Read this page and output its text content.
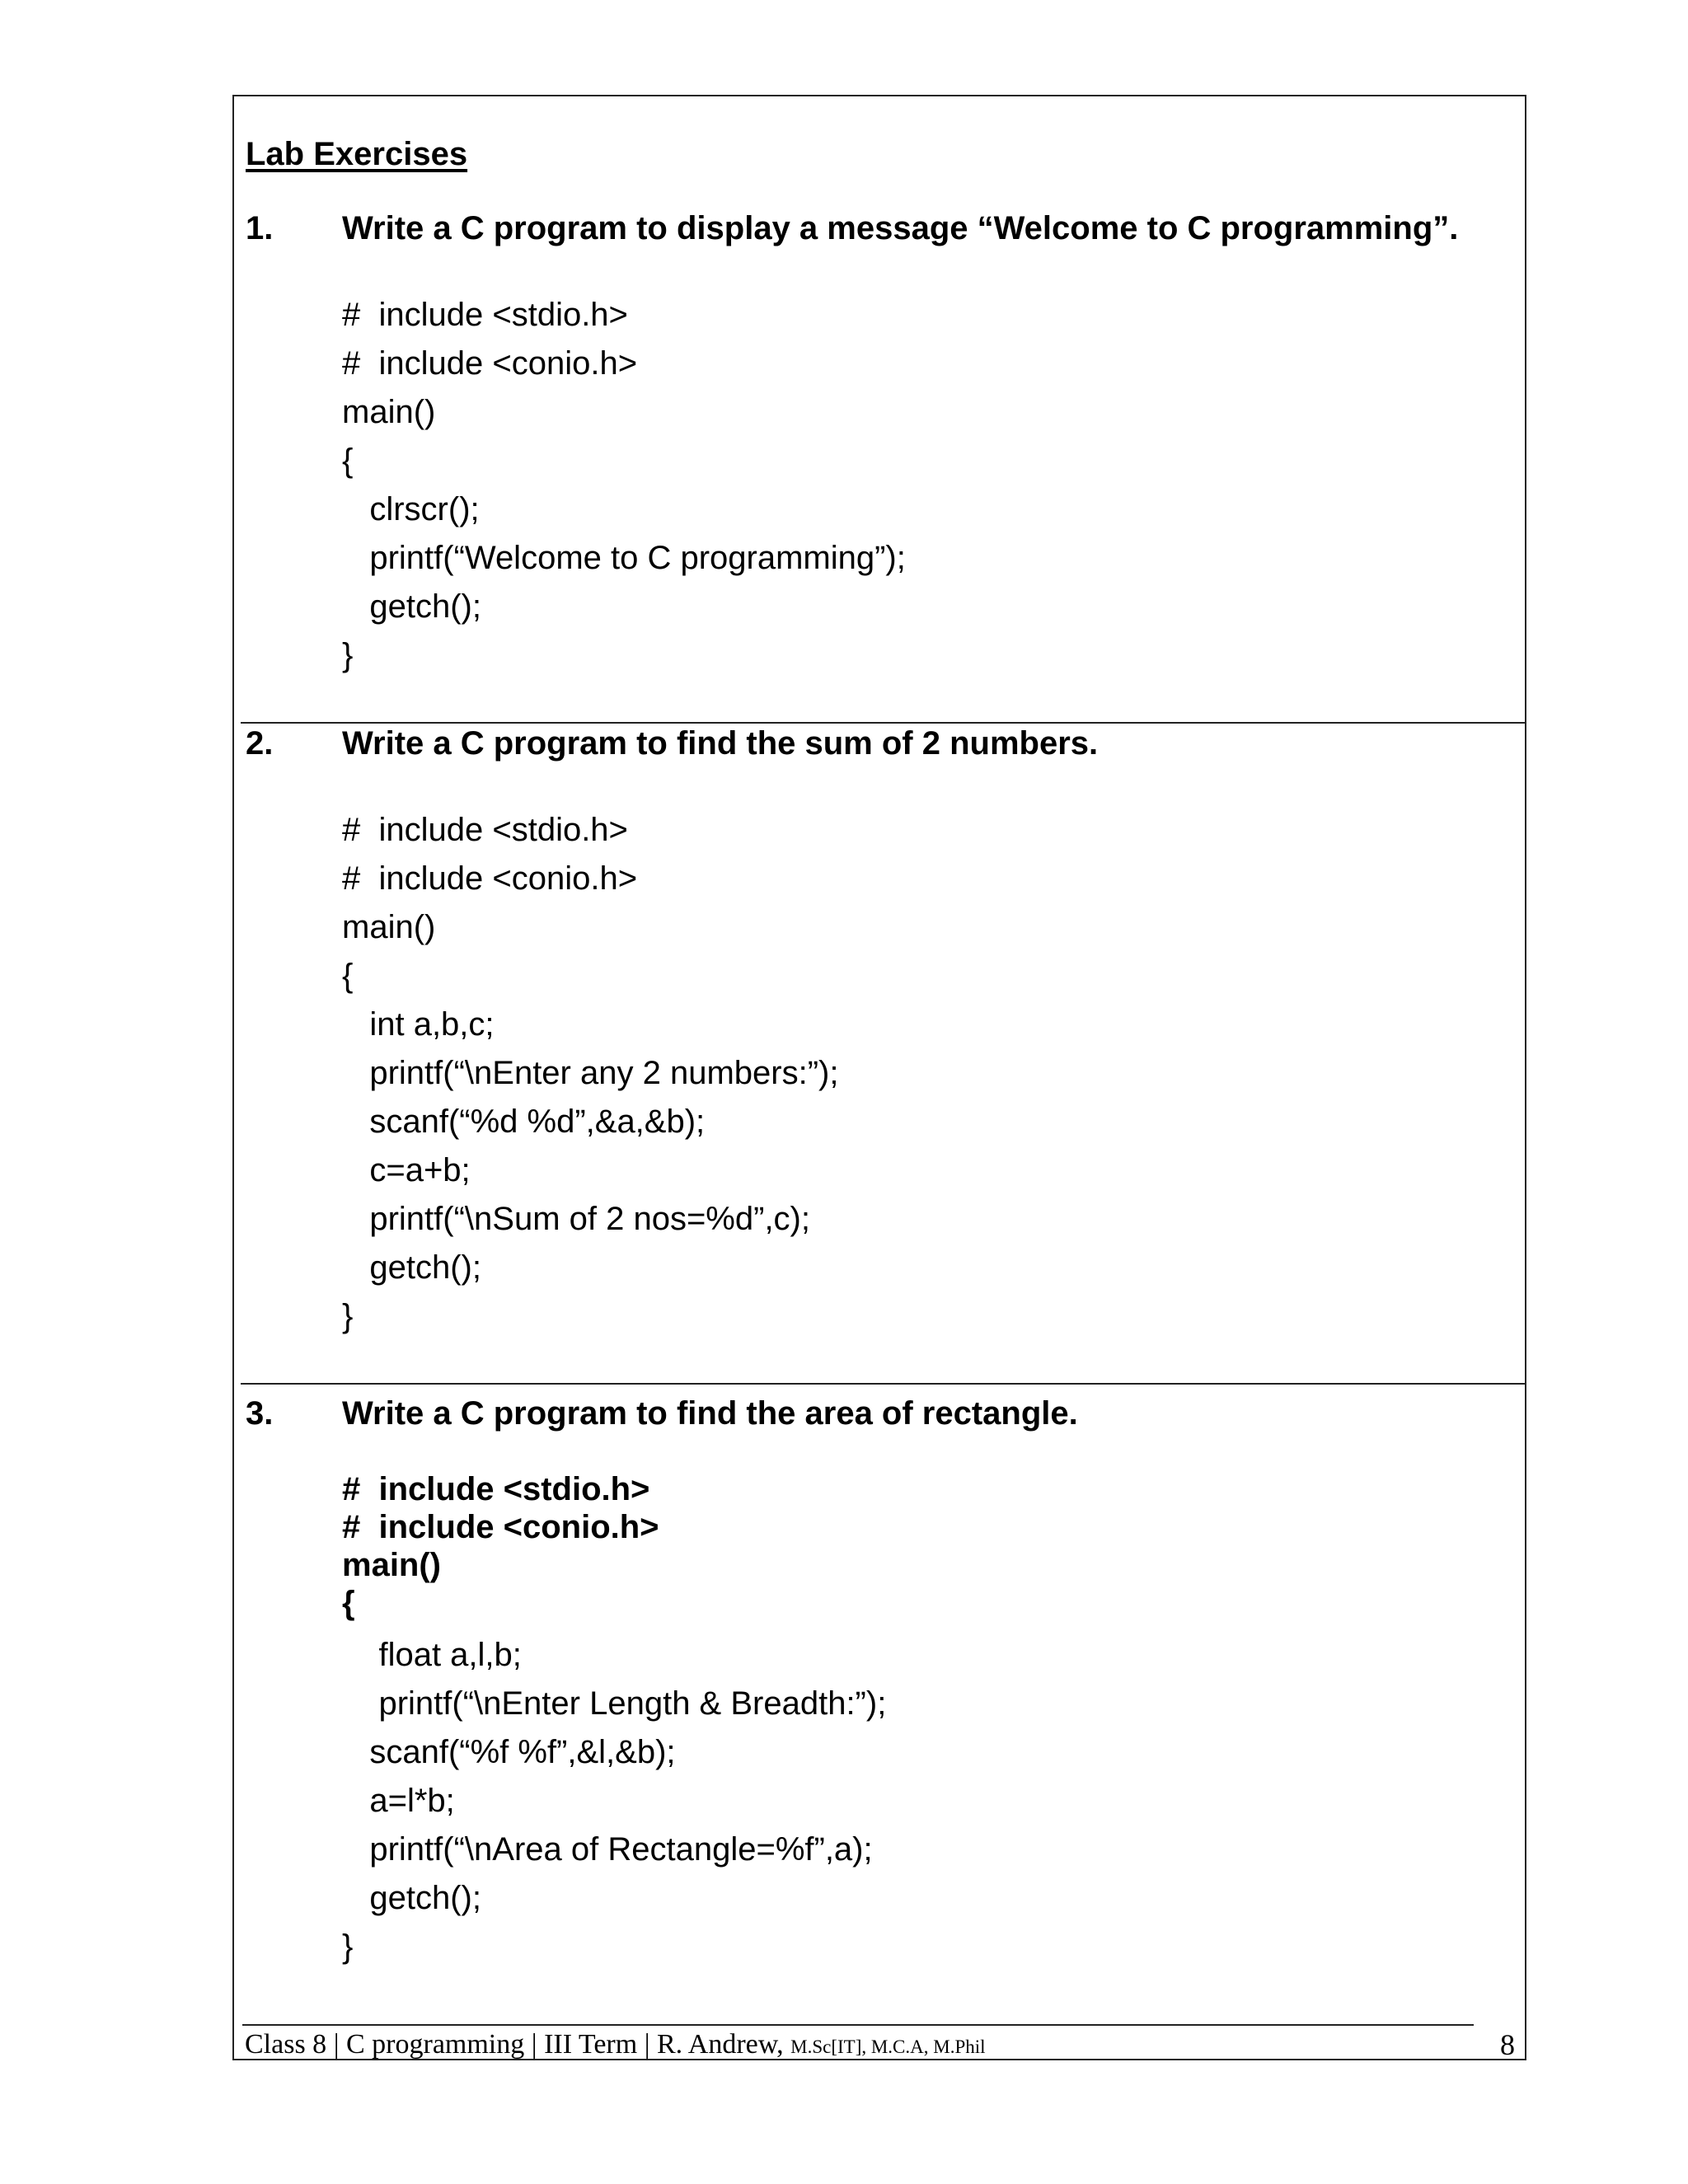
Lab Exercises
1. Write a C program to display a message “Welcome to C programming”.
#  include <stdio.h>
#  include <conio.h>
main()
{
clrscr();
printf(“Welcome to C programming”);
getch();
}
2. Write a C program to find the sum of 2 numbers.
#  include <stdio.h>
#  include <conio.h>
main()
{
int a,b,c;
printf(“\nEnter any 2 numbers:”);
scanf(“%d %d”,&a,&b);
c=a+b;
printf(“\nSum of 2 nos=%d”,c);
getch();
}
3. Write a C program to find the area of rectangle.
#  include <stdio.h>
#  include <conio.h>
main()
{
float a,l,b;
printf(“\nEnter Length & Breadth:”);
scanf(“%f %f”,&l,&b);
a=l*b;
printf(“\nArea of Rectangle=%f”,a);
getch();
}
Class 8 | C programming | III Term | R. Andrew, M.Sc[IT], M.C.A, M.Phil	8
